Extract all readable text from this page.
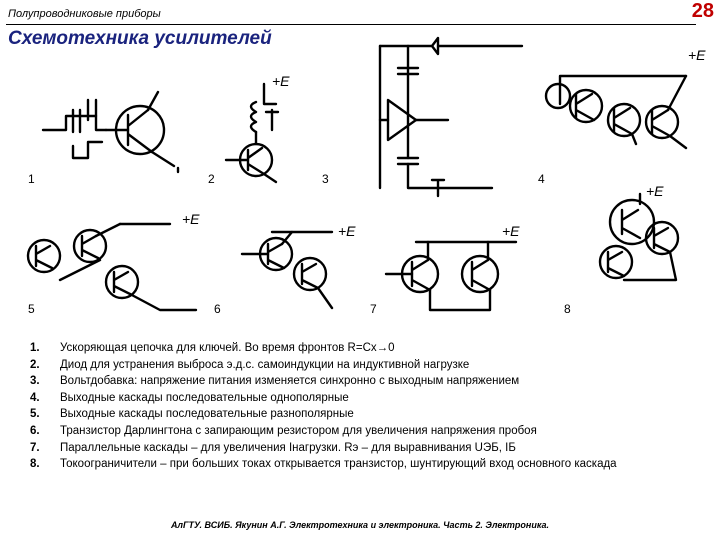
Полупроводниковые приборы	28
Схемотехника усилителей
1
+E
2	3
+E
4
+E
5
+E
6
+E
7
+E
8
1.	Ускоряющая цепочка для ключей. Во время фронтов R=Cх→0
2.	Диод для устранения выброса э.д.с. самоиндукции на индуктивной нагрузке
3.	Вольтдобавка: напряжение питания изменяется синхронно с выходным напряжением
4.	Выходные каскады последовательные однополярные
5.	Выходные каскады последовательные разнополярные
6.	Транзистор Дарлингтона с запирающим резистором для увеличения напряжения пробоя
7.	Параллельные каскады – для увеличения Iнагрузки. Rэ – для выравнивания UЭБ, IБ
8.	Токоограничители – при больших токах открывается транзистор, шунтирующий вход основного каскада
АлГТУ. ВСИБ. Якунин А.Г. Электротехника и электроника. Часть 2. Электроника.
